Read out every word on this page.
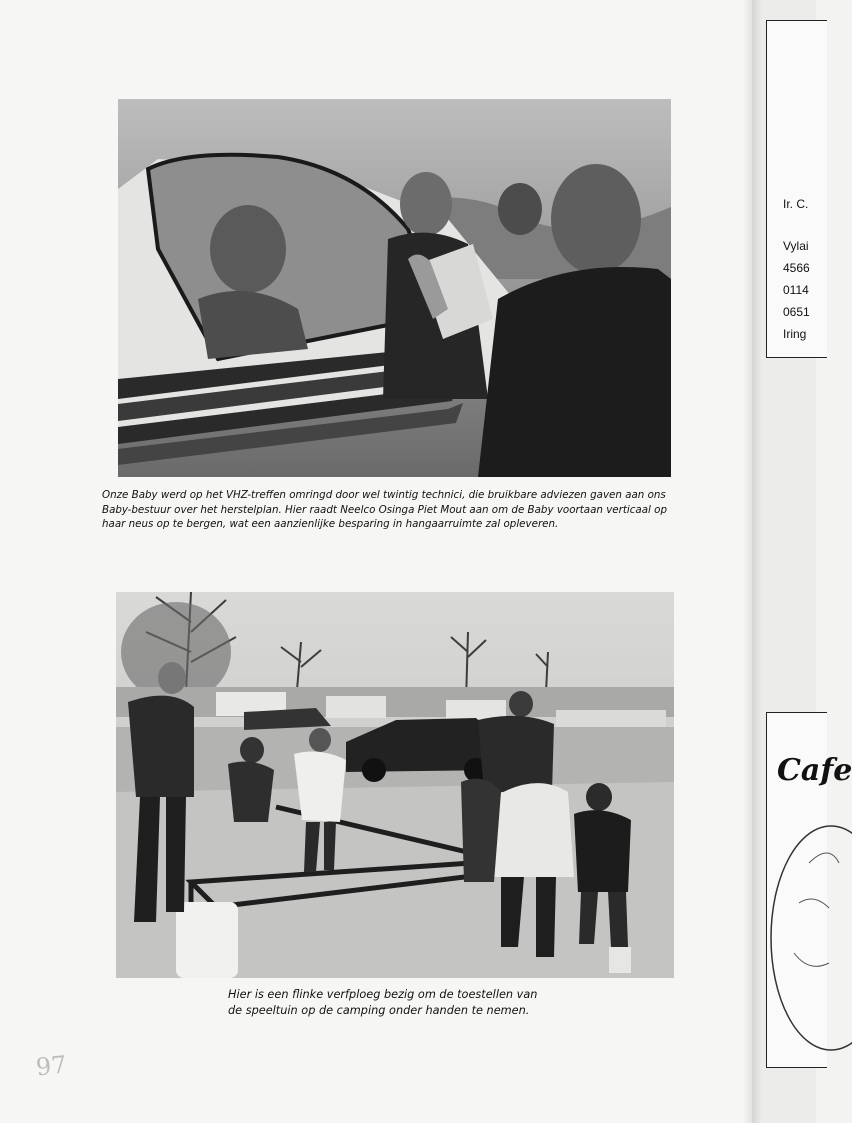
Onze Baby werd op het VHZ-treffen omringd door wel twintig technici, die bruikbare adviezen gaven aan ons Baby-bestuur over het herstelplan. Hier raadt Neelco Osinga Piet Mout aan om de Baby voortaan verticaal op haar neus op te bergen, wat een aanzienlijke besparing in hangaarruimte zal opleveren.

Hier is een flinke verfploeg bezig om de toestellen van
de speeltuin op de camping onder handen te nemen.
97
Ir. C.
Vylai
4566
0114
0651
Iring
Cafe
